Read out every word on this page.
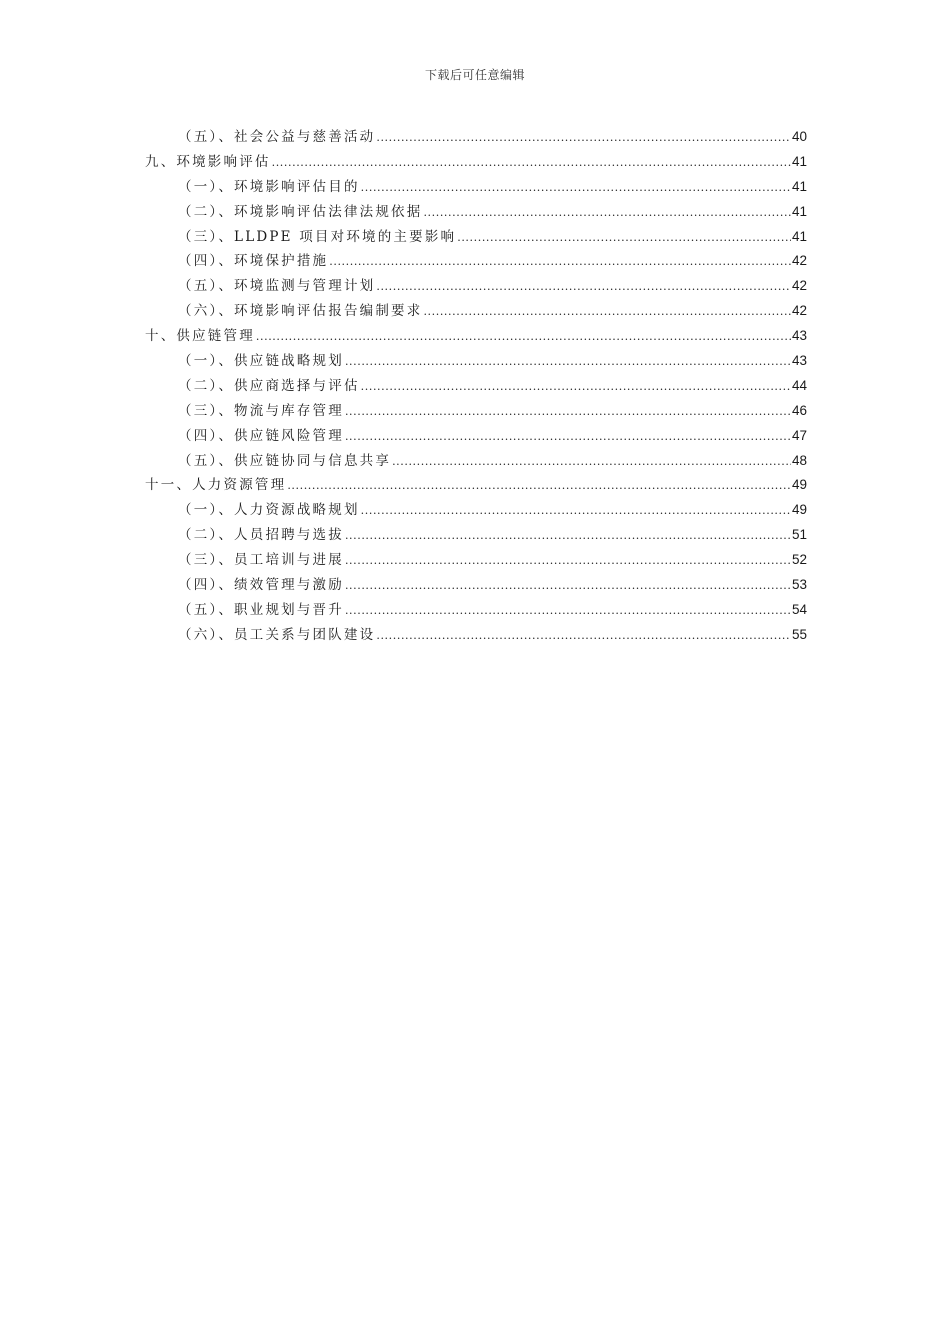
下载后可任意编辑
（五）、社会公益与慈善活动 .....	40
九、环境影响评估 .....	41
（一）、环境影响评估目的 .....	41
（二）、环境影响评估法律法规依据 .....	41
（三）、LLDPE 项目对环境的主要影响 .....	41
（四）、环境保护措施 .....	42
（五）、环境监测与管理计划 .....	42
（六）、环境影响评估报告编制要求 .....	42
十、供应链管理 .....	43
（一）、供应链战略规划 .....	43
（二）、供应商选择与评估 .....	44
（三）、物流与库存管理 .....	46
（四）、供应链风险管理 .....	47
（五）、供应链协同与信息共享 .....	48
十一、人力资源管理 .....	49
（一）、人力资源战略规划 .....	49
（二）、人员招聘与选拔 .....	51
（三）、员工培训与进展 .....	52
（四）、绩效管理与激励 .....	53
（五）、职业规划与晋升 .....	54
（六）、员工关系与团队建设 .....	55
